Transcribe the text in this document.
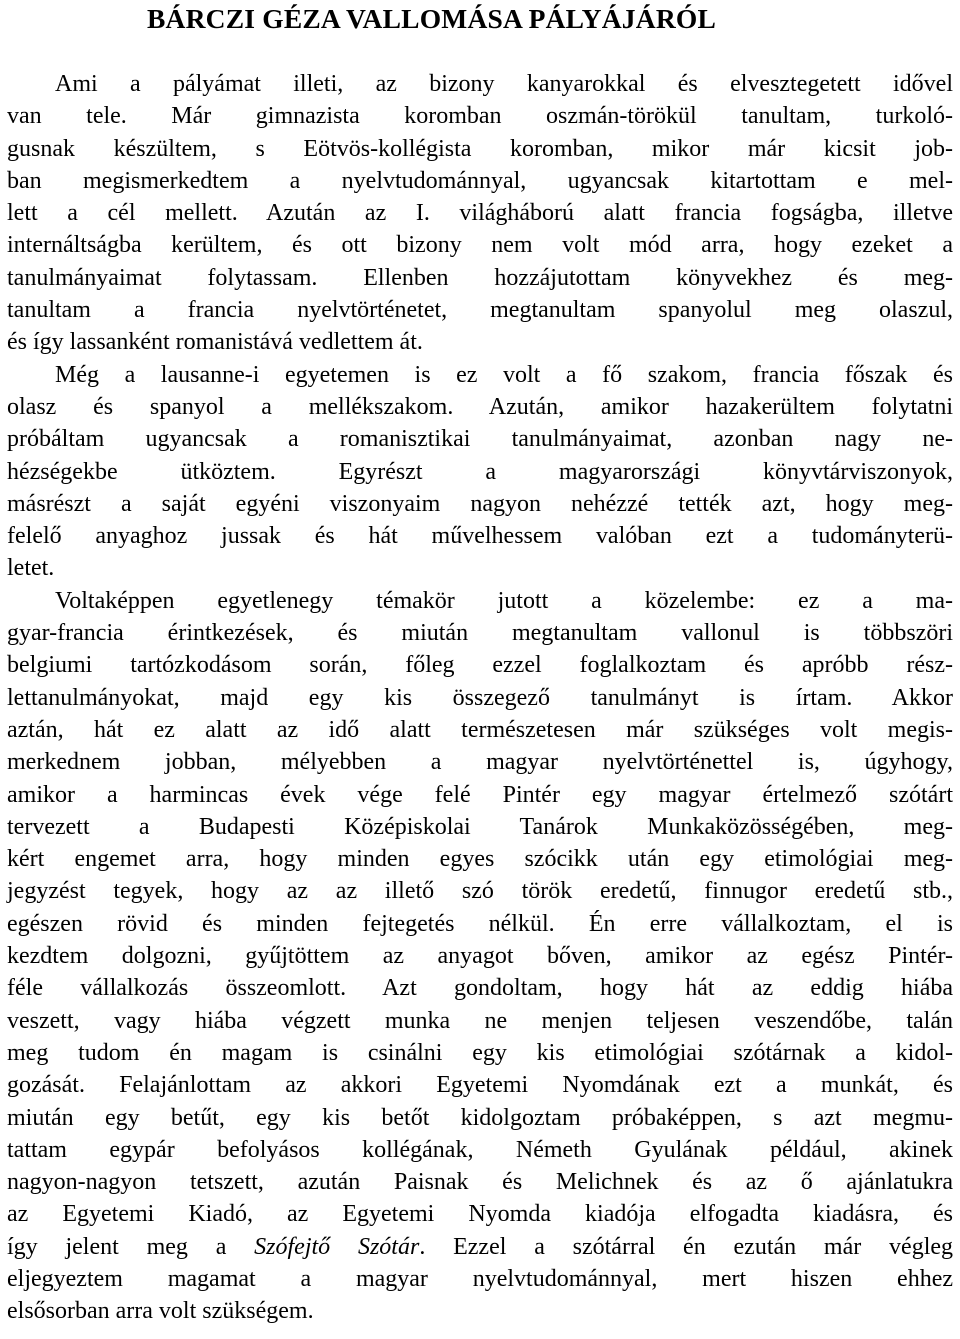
BÁRCZI GÉZA VALLOMÁSA PÁLYÁJÁRÓL
Ami a pályámat illeti, az bizony kanyarokkal és elvesztegetett idővel
van tele. Már gimnazista koromban oszmán-törökül tanultam, turkoló-
gusnak készültem, s Eötvös-kollégista koromban, mikor már kicsit job-
ban megismerkedtem a nyelvtudománnyal, ugyancsak kitartottam e mel-
lett a cél mellett. Azután az I. világháború alatt francia fogságba, illetve
internáltságba kerültem, és ott bizony nem volt mód arra, hogy ezeket a
tanulmányaimat folytassam. Ellenben hozzájutottam könyvekhez és meg-
tanultam a francia nyelvtörténetet, megtanultam spanyolul meg olaszul,
és így lassanként romanistává vedlettem át.
Még a lausanne-i egyetemen is ez volt a fő szakom, francia főszak és
olasz és spanyol a mellékszakom. Azután, amikor hazakerültem folytatni
próbáltam ugyancsak a romanisztikai tanulmányaimat, azonban nagy ne-
hézségekbe ütköztem. Egyrészt a magyarországi könyvtárviszonyok,
másrészt a saját egyéni viszonyaim nagyon nehézzé tették azt, hogy meg-
felelő anyaghoz jussak és hát művelhessem valóban ezt a tudományterü-
letet.
Voltaképpen egyetlenegy témakör jutott a közelembe: ez a ma-
gyar-francia érintkezések, és miután megtanultam vallonul is többszöri
belgiumi tartózkodásom során, főleg ezzel foglalkoztam és apróbb rész-
lettanulmányokat, majd egy kis összegező tanulmányt is írtam. Akkor
aztán, hát ez alatt az idő alatt természetesen már szükséges volt megis-
merkednem jobban, mélyebben a magyar nyelvtörténettel is, úgyhogy,
amikor a harmincas évek vége felé Pintér egy magyar értelmező szótárt
tervezett a Budapesti Középiskolai Tanárok Munkaközösségében, meg-
kért engemet arra, hogy minden egyes szócikk után egy etimológiai meg-
jegyzést tegyek, hogy az az illető szó török eredetű, finnugor eredetű stb.,
egészen rövid és minden fejtegetés nélkül. Én erre vállalkoztam, el is
kezdtem dolgozni, gyűjtöttem az anyagot bőven, amikor az egész Pintér-
féle vállalkozás összeomlott. Azt gondoltam, hogy hát az eddig hiába
veszett, vagy hiába végzett munka ne menjen teljesen veszendőbe, talán
meg tudom én magam is csinálni egy kis etimológiai szótárnak a kidol-
gozását. Felajánlottam az akkori Egyetemi Nyomdának ezt a munkát, és
miután egy betűt, egy kis betőt kidolgoztam próbaképpen, s azt megmu-
tattam egypár befolyásos kollégának, Németh Gyulának például, akinek
nagyon-nagyon tetszett, azután Paisnak és Melichnek és az ő ajánlatukra
az Egyetemi Kiadó, az Egyetemi Nyomda kiadója elfogadta kiadásra, és
így jelent meg a Szófejtő Szótár. Ezzel a szótárral én ezután már végleg
eljegyeztem magamat a magyar nyelvtudománnyal, mert hiszen ehhez
elsősorban arra volt szükségem.
